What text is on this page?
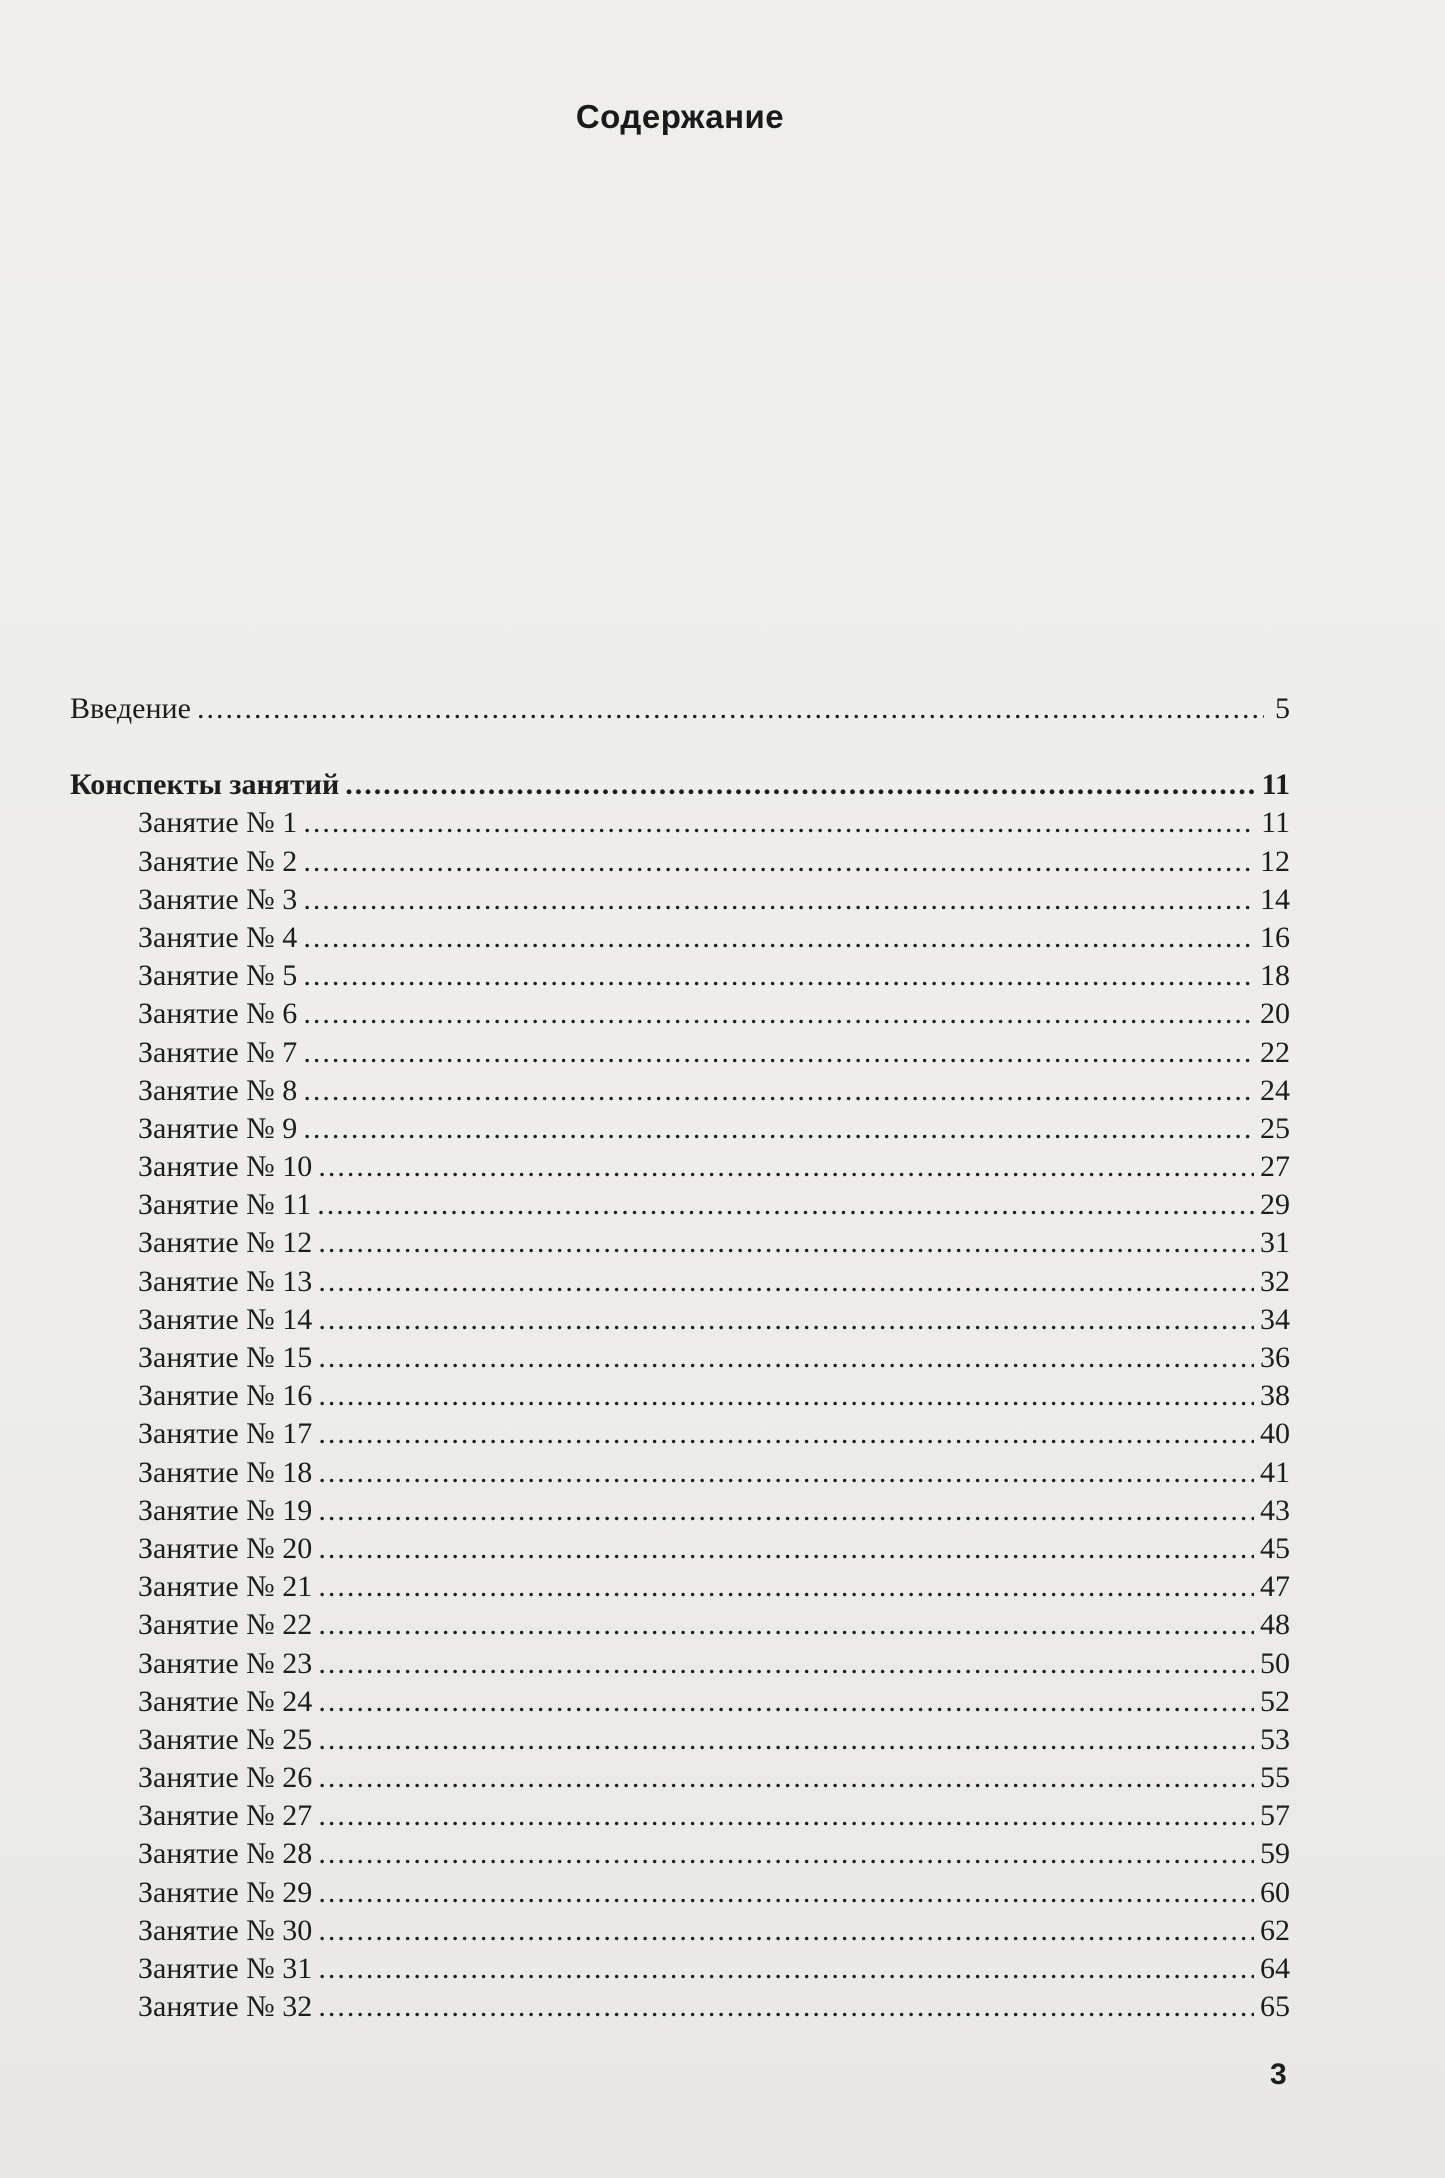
Содержание
Введение .....	5
Конспекты занятий .....	11
Занятие № 1 .....	11
Занятие № 2 .....	12
Занятие № 3 .....	14
Занятие № 4 .....	16
Занятие № 5 .....	18
Занятие № 6 .....	20
Занятие № 7 .....	22
Занятие № 8 .....	24
Занятие № 9 .....	25
Занятие № 10 .....	27
Занятие № 11 .....	29
Занятие № 12 .....	31
Занятие № 13 .....	32
Занятие № 14 .....	34
Занятие № 15 .....	36
Занятие № 16 .....	38
Занятие № 17 .....	40
Занятие № 18 .....	41
Занятие № 19 .....	43
Занятие № 20 .....	45
Занятие № 21 .....	47
Занятие № 22 .....	48
Занятие № 23 .....	50
Занятие № 24 .....	52
Занятие № 25 .....	53
Занятие № 26 .....	55
Занятие № 27 .....	57
Занятие № 28 .....	59
Занятие № 29 .....	60
Занятие № 30 .....	62
Занятие № 31 .....	64
Занятие № 32 .....	65
3
